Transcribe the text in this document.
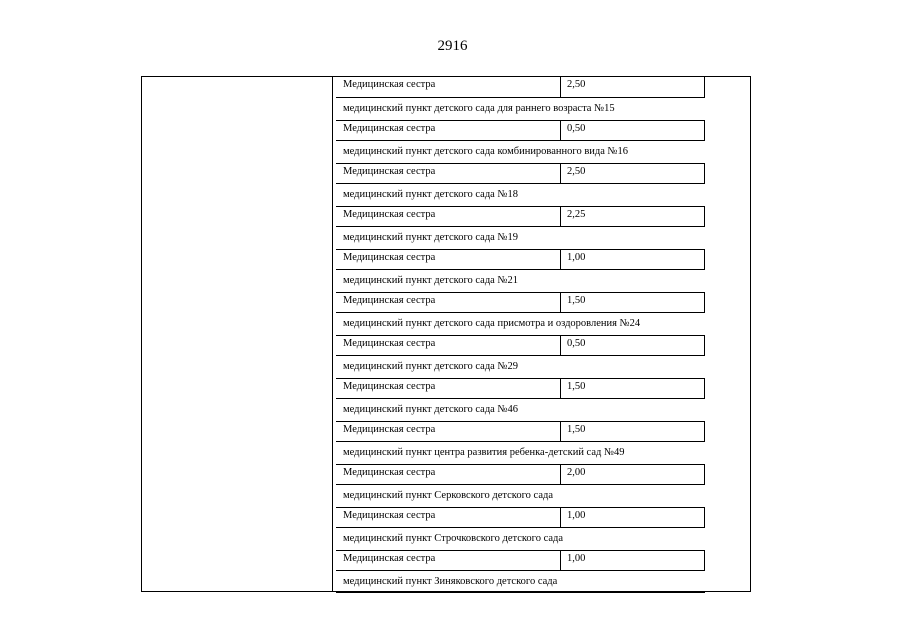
2916
Медицинская сестра	2,50
медицинский пункт детского сада для раннего возраста №15
Медицинская сестра	0,50
медицинский пункт детского сада комбинированного вида №16
Медицинская сестра	2,50
медицинский пункт детского сада №18
Медицинская сестра	2,25
медицинский пункт детского сада №19
Медицинская сестра	1,00
медицинский пункт детского сада №21
Медицинская сестра	1,50
медицинский пункт детского сада присмотра и оздоровления №24
Медицинская сестра	0,50
медицинский пункт детского сада №29
Медицинская сестра	1,50
медицинский пункт детского сада №46
Медицинская сестра	1,50
медицинский пункт центра развития ребенка-детский сад №49
Медицинская сестра	2,00
медицинский пункт Серковского детского сада
Медицинская сестра	1,00
медицинский пункт Строчковского детского сада
Медицинская сестра	1,00
медицинский пункт Зиняковского детского сада
